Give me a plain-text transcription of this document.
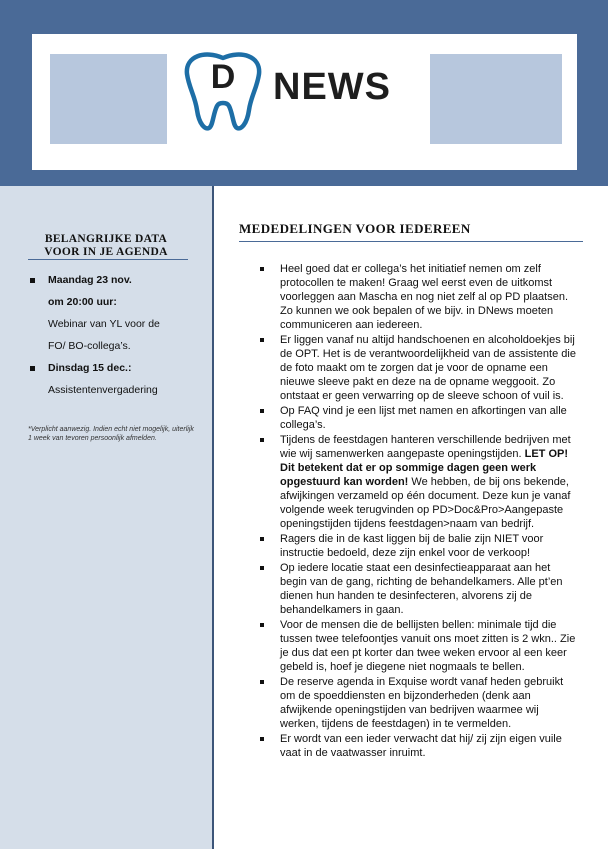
D NEWS
BELANGRIJKE DATA
VOOR IN JE AGENDA
Maandag 23 nov.
om 20:00 uur:
Webinar van YL voor de
FO/ BO-collega’s.
Dinsdag 15 dec.:
Assistentenvergadering
*Verplicht aanwezig. Indien echt niet mogelijk, uiterlijk 1 week van tevoren persoonlijk afmelden.
MEDEDELINGEN VOOR IEDEREEN
Heel goed dat er collega’s het initiatief nemen om zelf protocollen te maken! Graag wel eerst even de uitkomst voorleggen aan Mascha en nog niet zelf al op PD plaatsen. Zo kunnen we ook bepalen of we bijv. in DNews moeten communiceren aan iedereen.
Er liggen vanaf nu altijd handschoenen en alcoholdoekjes bij de OPT. Het is de verantwoordelijkheid van de assistente die de foto maakt om te zorgen dat je voor de opname een nieuwe sleeve pakt en deze na de opname weggooit. Zo ontstaat er geen verwarring op de sleeve schoon of vuil is.
Op FAQ vind je een lijst met namen en afkortingen van alle collega’s.
Tijdens de feestdagen hanteren verschillende bedrijven met wie wij samenwerken aangepaste openingstijden. LET OP! Dit betekent dat er op sommige dagen geen werk opgestuurd kan worden! We hebben, de bij ons bekende, afwijkingen verzameld op één document. Deze kun je vanaf volgende week terugvinden op PD>Doc&Pro>Aangepaste openingstijden tijdens feestdagen>naam van bedrijf.
Ragers die in de kast liggen bij de balie zijn NIET voor instructie bedoeld, deze zijn enkel voor de verkoop!
Op iedere locatie staat een desinfectieapparaat aan het begin van de gang, richting de behandelkamers. Alle pt’en dienen hun handen te desinfecteren, alvorens zij de behandelkamers in gaan.
Voor de mensen die de bellijsten bellen: minimale tijd die tussen twee telefoontjes vanuit ons moet zitten is 2 wkn.. Zie je dus dat een pt korter dan twee weken ervoor al een keer gebeld is, hoef je diegene niet nogmaals te bellen.
De reserve agenda in Exquise wordt vanaf heden gebruikt om de spoeddiensten en bijzonderheden (denk aan afwijkende openingstijden van bedrijven waarmee wij werken, tijdens de feestdagen) in te vermelden.
Er wordt van een ieder verwacht dat hij/ zij zijn eigen vuile vaat in de vaatwasser inruimt.
